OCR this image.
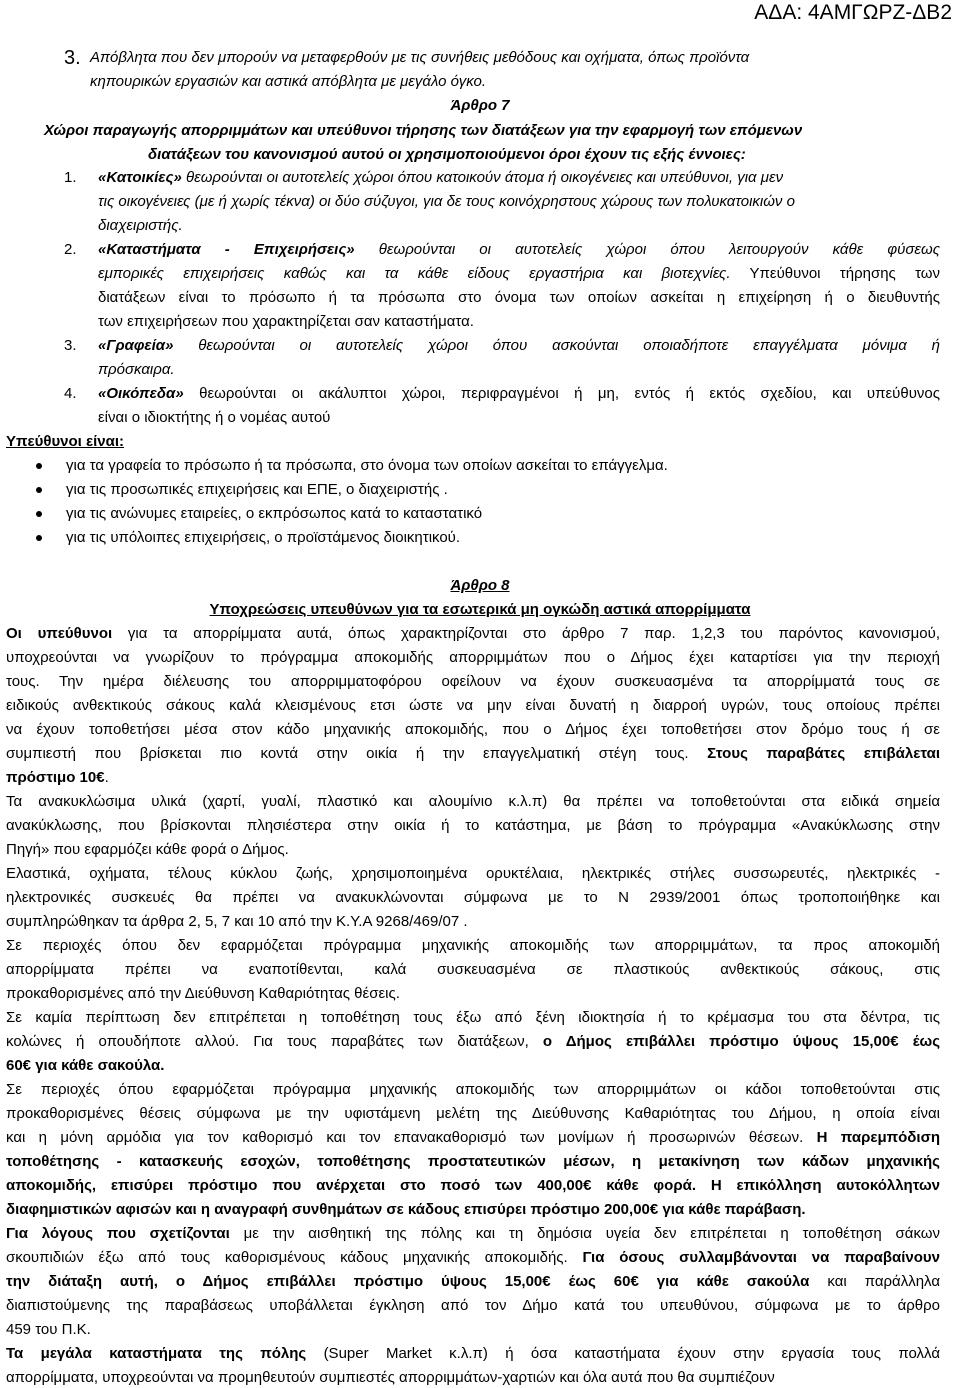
ΑΔΑ: 4ΑΜΓΩΡΖ-ΔΒ2
3. Απόβλητα που δεν μπορούν να μεταφερθούν με τις συνήθεις μεθόδους και οχήματα, όπως προϊόντα
κηπουρικών εργασιών και αστικά απόβλητα με μεγάλο όγκο.
Άρθρο 7
Χώροι παραγωγής απορριμμάτων και υπεύθυνοι τήρησης των διατάξεων για την εφαρμογή των επόμενων
διατάξεων του κανονισμού αυτού οι χρησιμοποιούμενοι όροι έχουν τις εξής έννοιες:
1. «Κατοικίες» θεωρούνται οι αυτοτελείς χώροι όπου κατοικούν άτομα ή οικογένειες και υπεύθυνοι, για μεν
τις οικογένειες (με ή χωρίς τέκνα) οι δύο σύζυγοι, για δε τους κοινόχρηστους χώρους των πολυκατοικιών ο
διαχειριστής.
2. «Καταστήματα - Επιχειρήσεις» θεωρούνται οι αυτοτελείς χώροι όπου λειτουργούν κάθε φύσεως
εμπορικές επιχειρήσεις καθώς και τα κάθε είδους εργαστήρια και βιοτεχνίες. Υπεύθυνοι τήρησης των
διατάξεων είναι το πρόσωπο ή τα πρόσωπα στο όνομα των οποίων ασκείται η επιχείρηση ή ο διευθυντής
των επιχειρήσεων που χαρακτηρίζεται σαν καταστήματα.
3. «Γραφεία» θεωρούνται οι αυτοτελείς χώροι όπου ασκούνται οποιαδήποτε επαγγέλματα μόνιμα ή
πρόσκαιρα.
4. «Οικόπεδα» θεωρούνται οι ακάλυπτοι χώροι, περιφραγμένοι ή μη, εντός ή εκτός σχεδίου, και υπεύθυνος
είναι ο ιδιοκτήτης ή ο νομέας αυτού
Υπεύθυνοι είναι:
για τα γραφεία το πρόσωπο ή τα πρόσωπα, στο όνομα των οποίων ασκείται το επάγγελμα.
για τις προσωπικές επιχειρήσεις και ΕΠΕ, ο διαχειριστής .
για τις ανώνυμες εταιρείες, ο εκπρόσωπος κατά το καταστατικό
για τις υπόλοιπες επιχειρήσεις, ο προϊστάμενος διοικητικού.
Άρθρο 8
Υποχρεώσεις υπευθύνων για τα εσωτερικά μη ογκώδη αστικά απορρίμματα
Οι υπεύθυνοι για τα απορρίμματα αυτά, όπως χαρακτηρίζονται στο άρθρο 7 παρ. 1,2,3 του παρόντος κανονισμού,
υποχρεούνται να γνωρίζουν το πρόγραμμα αποκομιδής απορριμμάτων που ο Δήμος έχει καταρτίσει για την περιοχή
τους. Την ημέρα διέλευσης του απορριμματοφόρου οφείλουν να έχουν συσκευασμένα τα απορρίμματά τους σε
ειδικούς ανθεκτικούς σάκους καλά κλεισμένους ετσι ώστε να μην είναι δυνατή η διαρροή υγρών, τους οποίους πρέπει
να έχουν τοποθετήσει μέσα στον κάδο μηχανικής αποκομιδής, που ο Δήμος έχει τοποθετήσει στον δρόμο τους ή σε
συμπιεστή που βρίσκεται πιο κοντά στην οικία ή την επαγγελματική στέγη τους. Στους παραβάτες επιβάλεται
πρόστιμο 10€.
Τα ανακυκλώσιμα υλικά (χαρτί, γυαλί, πλαστικό και αλουμίνιο κ.λ.π) θα πρέπει να τοποθετούνται στα ειδικά σημεία
ανακύκλωσης, που βρίσκονται πλησιέστερα στην οικία ή το κατάστημα, με βάση το πρόγραμμα «Ανακύκλωσης στην
Πηγή» που εφαρμόζει κάθε φορά ο Δήμος.
Ελαστικά, οχήματα, τέλους κύκλου ζωής, χρησιμοποιημένα ορυκτέλαια, ηλεκτρικές στήλες συσσωρευτές, ηλεκτρικές -
ηλεκτρονικές συσκευές θα πρέπει να ανακυκλώνονται σύμφωνα με το Ν 2939/2001 όπως τροποποιήθηκε και
συμπληρώθηκαν τα άρθρα 2, 5, 7 και 10 από την Κ.Υ.Α 9268/469/07 .
Σε περιοχές όπου δεν εφαρμόζεται πρόγραμμα μηχανικής αποκομιδής των απορριμμάτων, τα προς αποκομιδή
απορρίμματα πρέπει να εναποτίθενται, καλά συσκευασμένα σε πλαστικούς ανθεκτικούς σάκους, στις
προκαθορισμένες από την Διεύθυνση Καθαριότητας θέσεις.
Σε καμία περίπτωση δεν επιτρέπεται η τοποθέτηση τους έξω από ξένη ιδιοκτησία ή το κρέμασμα του στα δέντρα, τις
κολώνες ή οπουδήποτε αλλού. Για τους παραβάτες των διατάξεων, ο Δήμος επιβάλλει πρόστιμο ύψους 15,00€ έως
60€ για κάθε σακούλα.
Σε περιοχές όπου εφαρμόζεται πρόγραμμα μηχανικής αποκομιδής των απορριμμάτων οι κάδοι τοποθετούνται στις
προκαθορισμένες θέσεις σύμφωνα με την υφιστάμενη μελέτη της Διεύθυνσης Καθαριότητας του Δήμου, η οποία είναι
και η μόνη αρμόδια για τον καθορισμό και τον επανακαθορισμό των μονίμων ή προσωρινών θέσεων. Η παρεμπόδιση
τοποθέτησης - κατασκευής εσοχών, τοποθέτησης προστατευτικών μέσων, η μετακίνηση των κάδων μηχανικής
αποκομιδής, επισύρει πρόστιμο που ανέρχεται στο ποσό των 400,00€ κάθε φορά. Η επικόλληση αυτοκόλλητων
διαφημιστικών αφισών και η αναγραφή συνθημάτων σε κάδους επισύρει πρόστιμο 200,00€ για κάθε παράβαση.
Για λόγους που σχετίζονται με την αισθητική της πόλης και τη δημόσια υγεία δεν επιτρέπεται η τοποθέτηση σάκων
σκουπιδιών έξω από τους καθορισμένους κάδους μηχανικής αποκομιδής. Για όσους συλλαμβάνονται να παραβαίνουν
την διάταξη αυτή, ο Δήμος επιβάλλει πρόστιμο ύψους 15,00€ έως 60€ για κάθε σακούλα και παράλληλα
διαπιστούμενης της παραβάσεως υποβάλλεται έγκληση από τον Δήμο κατά του υπευθύνου, σύμφωνα με το άρθρο
459 του Π.Κ.
Τα μεγάλα καταστήματα της πόλης (Super Market κ.λ.π) ή όσα καταστήματα έχουν στην εργασία τους πολλά
απορρίμματα, υποχρεούνται να προμηθευτούν συμπιεστές απορριμμάτων-χαρτιών και όλα αυτά που θα συμπιέζουν
